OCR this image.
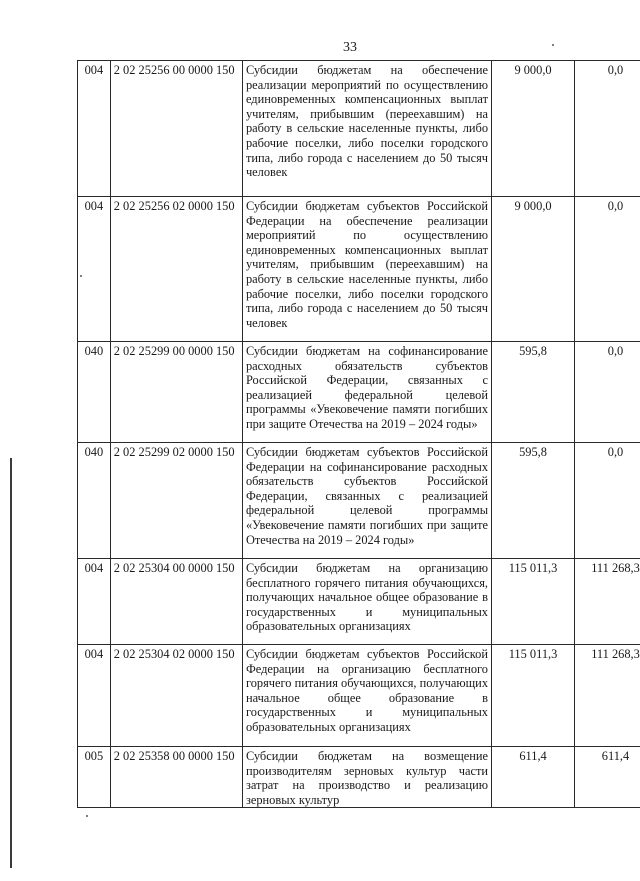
33
004	2 02 25256 00 0000 150	Субсидии бюджетам на обеспечение реализации мероприятий по осуществлению единовременных компенсационных выплат учителям, прибывшим (переехавшим) на работу в сельские населенные пункты, либо рабочие поселки, либо поселки городского типа, либо города с населением до 50 тысяч человек	9 000,0	0,0
004	2 02 25256 02 0000 150	Субсидии бюджетам субъектов Российской Федерации на обеспечение реализации мероприятий по осуществлению единовременных компенсационных выплат учителям, прибывшим (переехавшим) на работу в сельские населенные пункты, либо рабочие поселки, либо поселки городского типа, либо города с населением до 50 тысяч человек	9 000,0	0,0
040	2 02 25299 00 0000 150	Субсидии бюджетам на софинансирование расходных обязательств субъектов Российской Федерации, связанных с реализацией федеральной целевой программы «Увековечение памяти погибших при защите Отечества на 2019 – 2024 годы»	595,8	0,0
040	2 02 25299 02 0000 150	Субсидии бюджетам субъектов Российской Федерации на софинансирование расходных обязательств субъектов Российской Федерации, связанных с реализацией федеральной целевой программы «Увековечение памяти погибших при защите Отечества на 2019 – 2024 годы»	595,8	0,0
004	2 02 25304 00 0000 150	Субсидии бюджетам на организацию бесплатного горячего питания обучающихся, получающих начальное общее образование в государственных и муниципальных образовательных организациях	115 011,3	111 268,3
004	2 02 25304 02 0000 150	Субсидии бюджетам субъектов Российской Федерации на организацию бесплатного горячего питания обучающихся, получающих начальное общее образование в государственных и муниципальных образовательных организациях	115 011,3	111 268,3
005	2 02 25358 00 0000 150	Субсидии бюджетам на возмещение производителям зерновых культур части затрат на производство и реализацию зерновых культур	611,4	611,4
